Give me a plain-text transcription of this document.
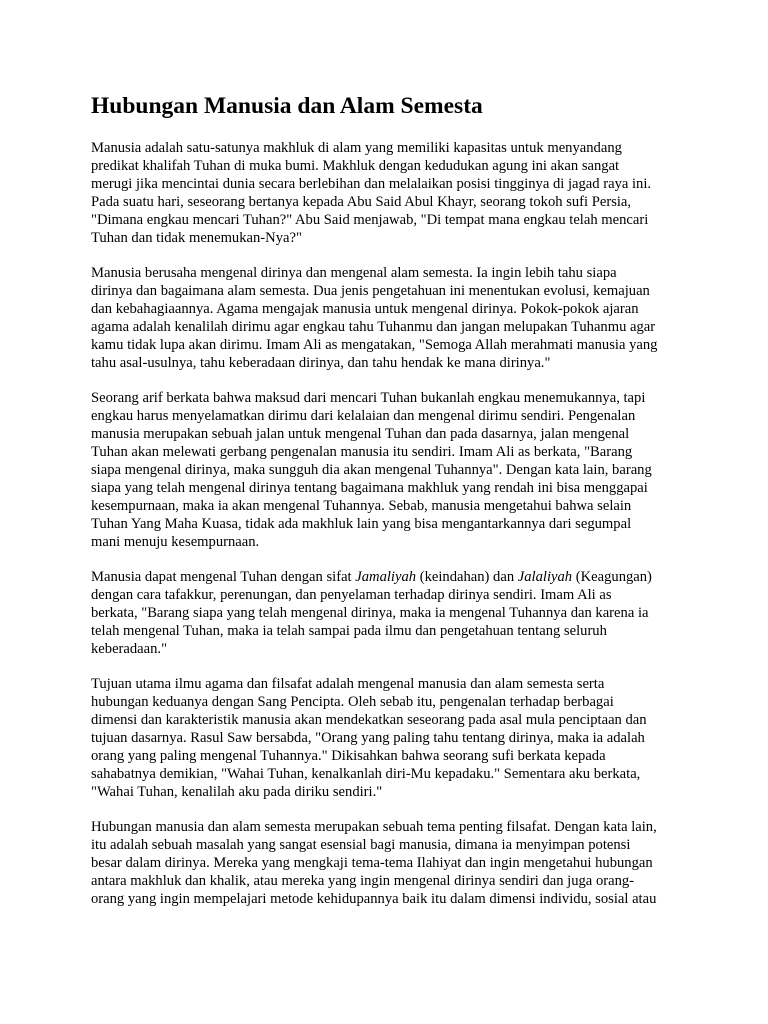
Hubungan Manusia dan Alam Semesta

Manusia adalah satu-satunya makhluk di alam yang memiliki kapasitas untuk menyandang
predikat khalifah Tuhan di muka bumi. Makhluk dengan kedudukan agung ini akan sangat
merugi jika mencintai dunia secara berlebihan dan melalaikan posisi tingginya di jagad raya ini.
Pada suatu hari, seseorang bertanya kepada Abu Said Abul Khayr, seorang tokoh sufi Persia,
"Dimana engkau mencari Tuhan?" Abu Said menjawab, "Di tempat mana engkau telah mencari
Tuhan dan tidak menemukan-Nya?"

Manusia berusaha mengenal dirinya dan mengenal alam semesta. Ia ingin lebih tahu siapa
dirinya dan bagaimana alam semesta. Dua jenis pengetahuan ini menentukan evolusi, kemajuan
dan kebahagiaannya. Agama mengajak manusia untuk mengenal dirinya. Pokok-pokok ajaran
agama adalah kenalilah dirimu agar engkau tahu Tuhanmu dan jangan melupakan Tuhanmu agar
kamu tidak lupa akan dirimu. Imam Ali as mengatakan, "Semoga Allah merahmati manusia yang
tahu asal-usulnya, tahu keberadaan dirinya, dan tahu hendak ke mana dirinya."

Seorang arif berkata bahwa maksud dari mencari Tuhan bukanlah engkau menemukannya, tapi
engkau harus menyelamatkan dirimu dari kelalaian dan mengenal dirimu sendiri. Pengenalan
manusia merupakan sebuah jalan untuk mengenal Tuhan dan pada dasarnya, jalan mengenal
Tuhan akan melewati gerbang pengenalan manusia itu sendiri. Imam Ali as berkata, "Barang
siapa mengenal dirinya, maka sungguh dia akan mengenal Tuhannya". Dengan kata lain, barang
siapa yang telah mengenal dirinya tentang bagaimana makhluk yang rendah ini bisa menggapai
kesempurnaan, maka ia akan mengenal Tuhannya. Sebab, manusia mengetahui bahwa selain
Tuhan Yang Maha Kuasa, tidak ada makhluk lain yang bisa mengantarkannya dari segumpal
mani menuju kesempurnaan.

Manusia dapat mengenal Tuhan dengan sifat Jamaliyah (keindahan) dan Jalaliyah (Keagungan)
dengan cara tafakkur, perenungan, dan penyelaman terhadap dirinya sendiri. Imam Ali as
berkata, "Barang siapa yang telah mengenal dirinya, maka ia mengenal Tuhannya dan karena ia
telah mengenal Tuhan, maka ia telah sampai pada ilmu dan pengetahuan tentang seluruh
keberadaan."

Tujuan utama ilmu agama dan filsafat adalah mengenal manusia dan alam semesta serta
hubungan keduanya dengan Sang Pencipta. Oleh sebab itu, pengenalan terhadap berbagai
dimensi dan karakteristik manusia akan mendekatkan seseorang pada asal mula penciptaan dan
tujuan dasarnya. Rasul Saw bersabda, "Orang yang paling tahu tentang dirinya, maka ia adalah
orang yang paling mengenal Tuhannya." Dikisahkan bahwa seorang sufi berkata kepada
sahabatnya demikian, "Wahai Tuhan, kenalkanlah diri-Mu kepadaku." Sementara aku berkata,
"Wahai Tuhan, kenalilah aku pada diriku sendiri."

Hubungan manusia dan alam semesta merupakan sebuah tema penting filsafat. Dengan kata lain,
itu adalah sebuah masalah yang sangat esensial bagi manusia, dimana ia menyimpan potensi
besar dalam dirinya. Mereka yang mengkaji tema-tema Ilahiyat dan ingin mengetahui hubungan
antara makhluk dan khalik, atau mereka yang ingin mengenal dirinya sendiri dan juga orang-
orang yang ingin mempelajari metode kehidupannya baik itu dalam dimensi individu, sosial atau
